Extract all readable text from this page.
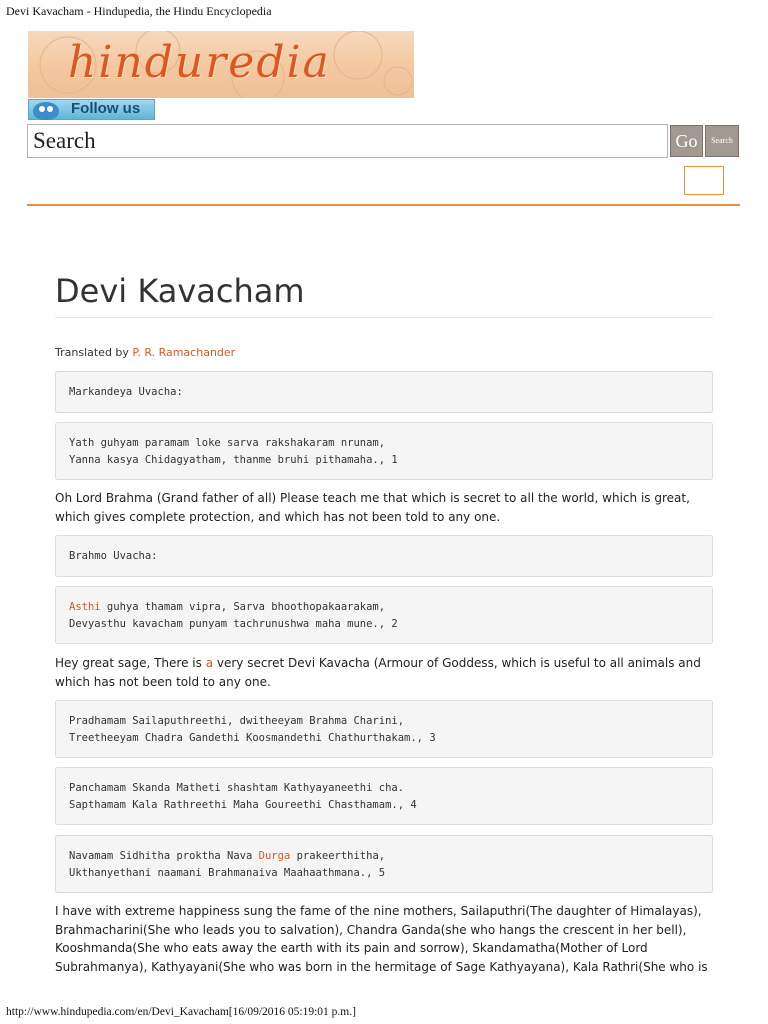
Devi Kavacham - Hindupedia, the Hindu Encyclopedia
hinduredia
Follow us
Search	Go	Search
Devi Kavacham
Translated by P. R. Ramachander
Markandeya Uvacha:
Yath guhyam paramam loke sarva rakshakaram nrunam,
Yanna kasya Chidagyatham, thanme bruhi pithamaha., 1
Oh Lord Brahma (Grand father of all) Please teach me that which is secret to all the world, which is great,
which gives complete protection, and which has not been told to any one.
Brahmo Uvacha:
Asthi guhya thamam vipra, Sarva bhoothopakaarakam,
Devyasthu kavacham punyam tachrunushwa maha mune., 2
Hey great sage, There is a very secret Devi Kavacha (Armour of Goddess, which is useful to all animals and
which has not been told to any one.
Pradhamam Sailaputhreethi, dwitheeyam Brahma Charini,
Treetheeyam Chadra Gandethi Koosmandethi Chathurthakam., 3
Panchamam Skanda Matheti shashtam Kathyayaneethi cha.
Sapthamam Kala Rathreethi Maha Goureethi Chasthamam., 4
Navamam Sidhitha proktha Nava Durga prakeerthitha,
Ukthanyethani naamani Brahmanaiva Maahaathmana., 5
I have with extreme happiness sung the fame of the nine mothers, Sailaputhri(The daughter of Himalayas),
Brahmacharini(She who leads you to salvation), Chandra Ganda(she who hangs the crescent in her bell),
Kooshmanda(She who eats away the earth with its pain and sorrow), Skandamatha(Mother of Lord
Subrahmanya), Kathyayani(She who was born in the hermitage of Sage Kathyayana), Kala Rathri(She who is
http://www.hindupedia.com/en/Devi_Kavacham[16/09/2016 05:19:01 p.m.]
